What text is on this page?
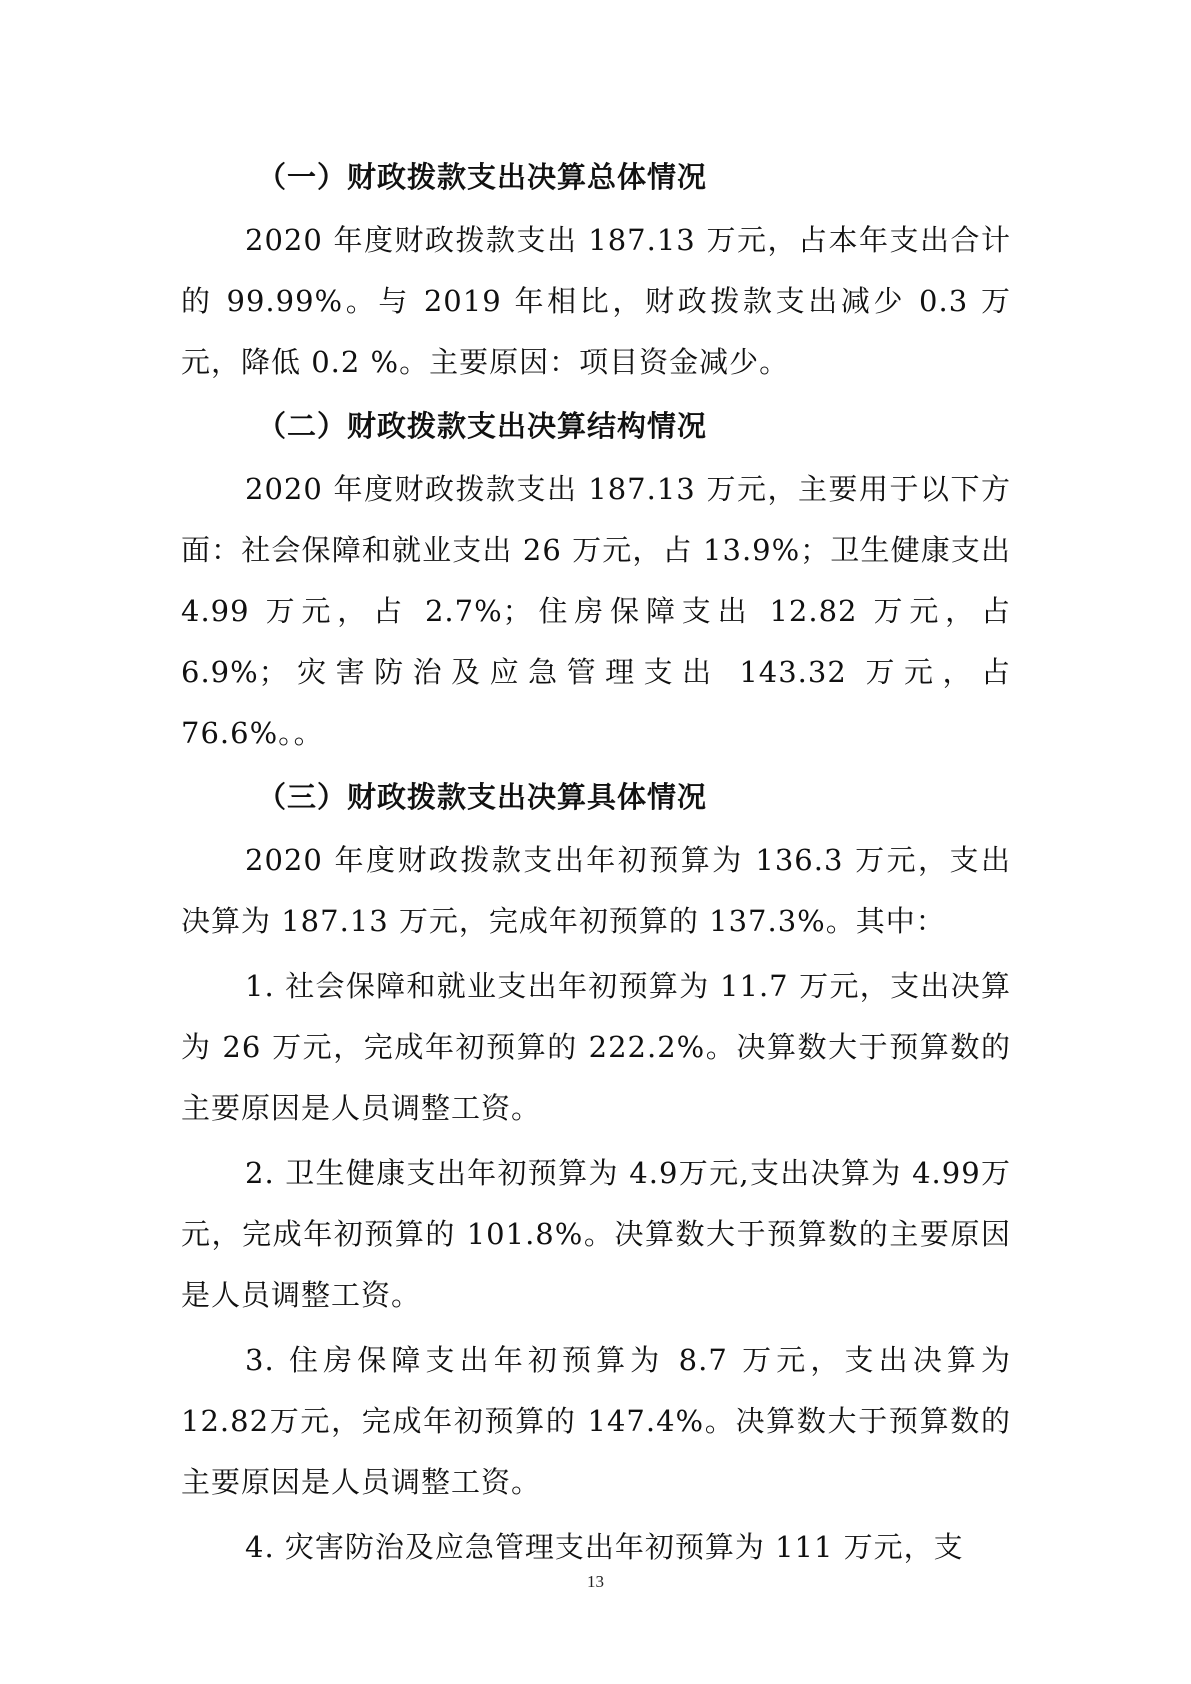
（一）财政拨款支出决算总体情况

2020 年度财政拨款支出 187.13 万元，占本年支出合计的 99.99%。与 2019 年相比，财政拨款支出减少 0.3 万元，降低 0.2 %。主要原因：项目资金减少。

（二）财政拨款支出决算结构情况

2020 年度财政拨款支出 187.13 万元，主要用于以下方面：社会保障和就业支出 26 万元，占 13.9%；卫生健康支出4.99 万元，占 2.7%；住房保障支出 12.82 万元，占 6.9%；灾害防治及应急管理支出 143.32 万元，占 76.6%。。

（三）财政拨款支出决算具体情况

2020 年度财政拨款支出年初预算为 136.3 万元，支出决算为 187.13 万元，完成年初预算的 137.3%。其中：

1. 社会保障和就业支出年初预算为 11.7 万元，支出决算为 26 万元，完成年初预算的 222.2%。决算数大于预算数的主要原因是人员调整工资。

2. 卫生健康支出年初预算为 4.9万元,支出决算为 4.99万元，完成年初预算的 101.8%。决算数大于预算数的主要原因是人员调整工资。

3. 住房保障支出年初预算为 8.7 万元，支出决算为12.82万元，完成年初预算的 147.4%。决算数大于预算数的主要原因是人员调整工资。

4. 灾害防治及应急管理支出年初预算为 111 万元，支

13
